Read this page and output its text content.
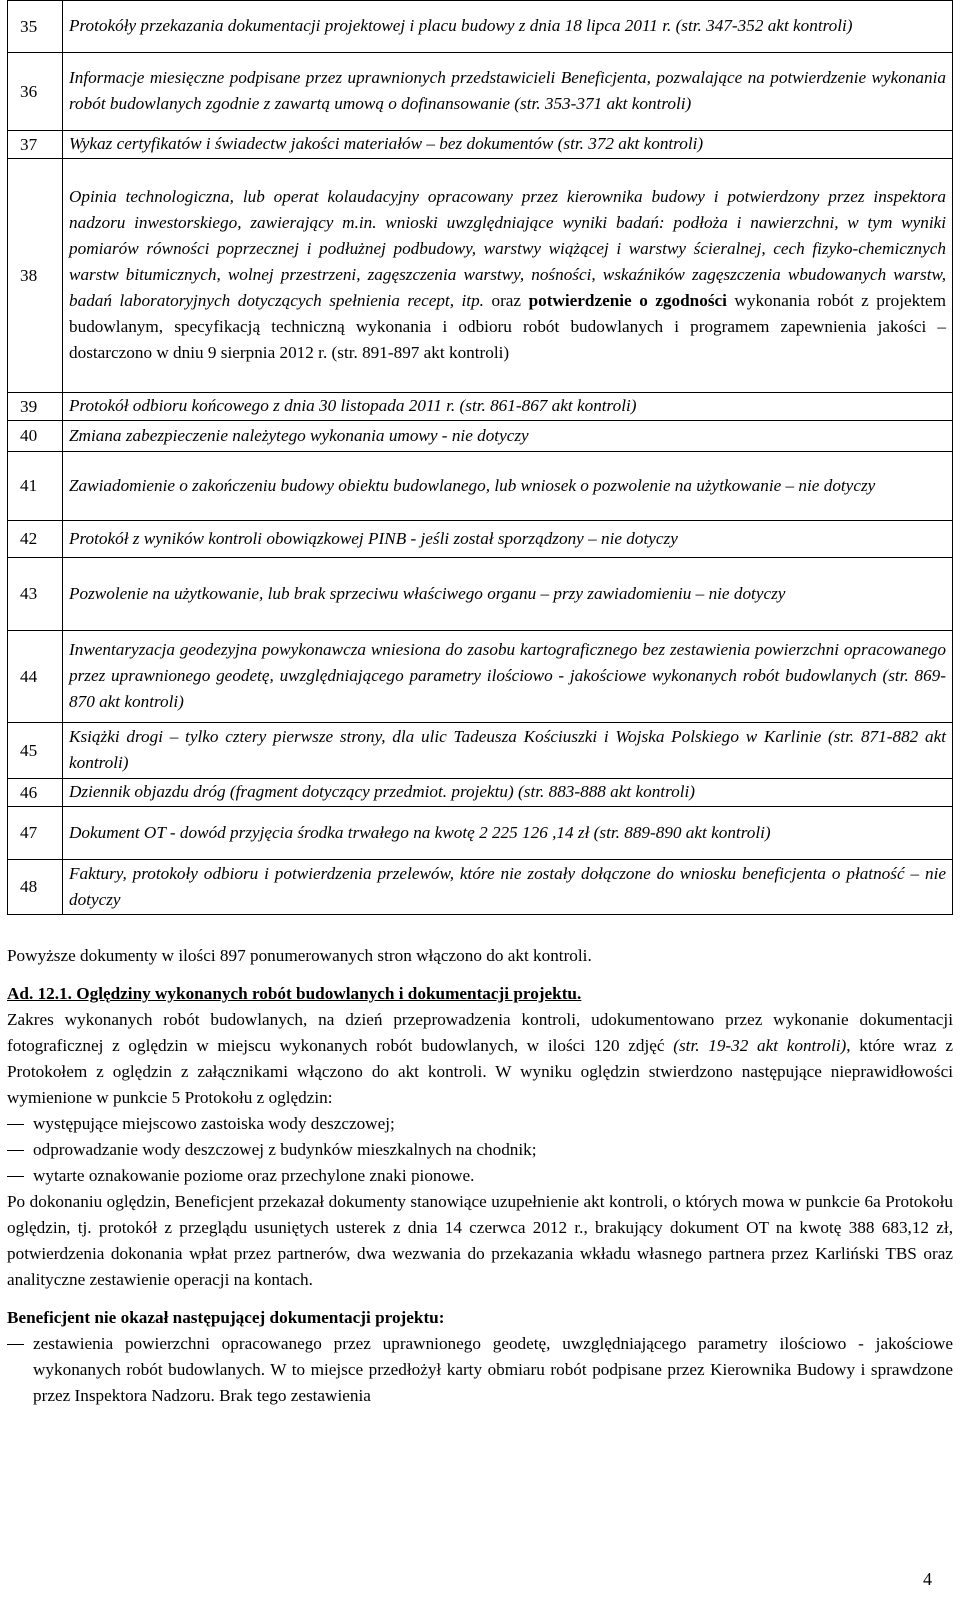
35	Protokóły przekazania dokumentacji projektowej i placu budowy z dnia 18 lipca 2011 r. (str. 347-352 akt kontroli)
36	Informacje miesięczne podpisane przez uprawnionych przedstawicieli Beneficjenta, pozwalające na potwierdzenie wykonania robót budowlanych zgodnie z zawartą umową o dofinansowanie (str. 353-371 akt kontroli)
37	Wykaz certyfikatów i świadectw jakości materiałów – bez dokumentów (str. 372 akt kontroli)
38	Opinia technologiczna, lub operat kolaudacyjny opracowany przez kierownika budowy i potwierdzony przez inspektora nadzoru inwestorskiego, zawierający m.in. wnioski uwzględniające wyniki badań: podłoża i nawierzchni, w tym wyniki pomiarów równości poprzecznej i podłużnej podbudowy, warstwy wiążącej i warstwy ścieralnej, cech fizyko-chemicznych warstw bitumicznych, wolnej przestrzeni, zagęszczenia warstwy, nośności, wskaźników zagęszczenia wbudowanych warstw, badań laboratoryjnych dotyczących spełnienia recept, itp. oraz potwierdzenie o zgodności wykonania robót z projektem budowlanym, specyfikacją techniczną wykonania i odbioru robót budowlanych i programem zapewnienia jakości – dostarczono w dniu 9 sierpnia 2012 r. (str. 891-897 akt kontroli)
39	Protokół odbioru końcowego z dnia 30 listopada 2011 r. (str. 861-867 akt kontroli)
40	Zmiana zabezpieczenie należytego wykonania umowy - nie dotyczy
41	Zawiadomienie o zakończeniu budowy obiektu budowlanego, lub wniosek o pozwolenie na użytkowanie – nie dotyczy
42	Protokół z wyników kontroli obowiązkowej PINB - jeśli został sporządzony – nie dotyczy
43	Pozwolenie na użytkowanie, lub brak sprzeciwu właściwego organu – przy zawiadomieniu – nie dotyczy
44	Inwentaryzacja geodezyjna powykonawcza wniesiona do zasobu kartograficznego bez zestawienia powierzchni opracowanego przez uprawnionego geodetę, uwzględniającego parametry ilościowo - jakościowe wykonanych robót budowlanych (str. 869-870 akt kontroli)
45	Książki drogi – tylko cztery pierwsze strony, dla ulic Tadeusza Kościuszki i Wojska Polskiego w Karlinie (str. 871-882 akt kontroli)
46	Dziennik objazdu dróg (fragment dotyczący przedmiot. projektu) (str. 883-888 akt kontroli)
47	Dokument OT - dowód przyjęcia środka trwałego na kwotę 2 225 126 ,14 zł (str. 889-890 akt kontroli)
48	Faktury, protokoły odbioru i potwierdzenia przelewów, które nie zostały dołączone do wniosku beneficjenta o płatność – nie dotyczy

Powyższe dokumenty w ilości 897 ponumerowanych stron włączono do akt kontroli.

Ad. 12.1. Oględziny wykonanych robót budowlanych i dokumentacji projektu.

Zakres wykonanych robót budowlanych, na dzień przeprowadzenia kontroli, udokumentowano przez wykonanie dokumentacji fotograficznej z oględzin w miejscu wykonanych robót budowlanych, w ilości 120 zdjęć (str. 19-32 akt kontroli), które wraz z Protokołem z oględzin z załącznikami włączono do akt kontroli. W wyniku oględzin stwierdzono następujące nieprawidłowości wymienione w punkcie 5 Protokołu z oględzin:

występujące miejscowo zastoiska wody deszczowej;
odprowadzanie wody deszczowej z budynków mieszkalnych na chodnik;
wytarte oznakowanie poziome oraz przechylone znaki pionowe.

Po dokonaniu oględzin, Beneficjent przekazał dokumenty stanowiące uzupełnienie akt kontroli, o których mowa w punkcie 6a Protokołu oględzin, tj. protokół z przeglądu usuniętych usterek z dnia 14 czerwca 2012 r., brakujący dokument OT na kwotę 388 683,12 zł, potwierdzenia dokonania wpłat przez partnerów, dwa wezwania do przekazania wkładu własnego partnera przez Karliński TBS oraz analityczne zestawienie operacji na kontach.

Beneficjent nie okazał następującej dokumentacji projektu:

zestawienia powierzchni opracowanego przez uprawnionego geodetę, uwzględniającego parametry ilościowo - jakościowe wykonanych robót budowlanych. W to miejsce przedłożył karty obmiaru robót podpisane przez Kierownika Budowy i sprawdzone przez Inspektora Nadzoru. Brak tego zestawienia
4
